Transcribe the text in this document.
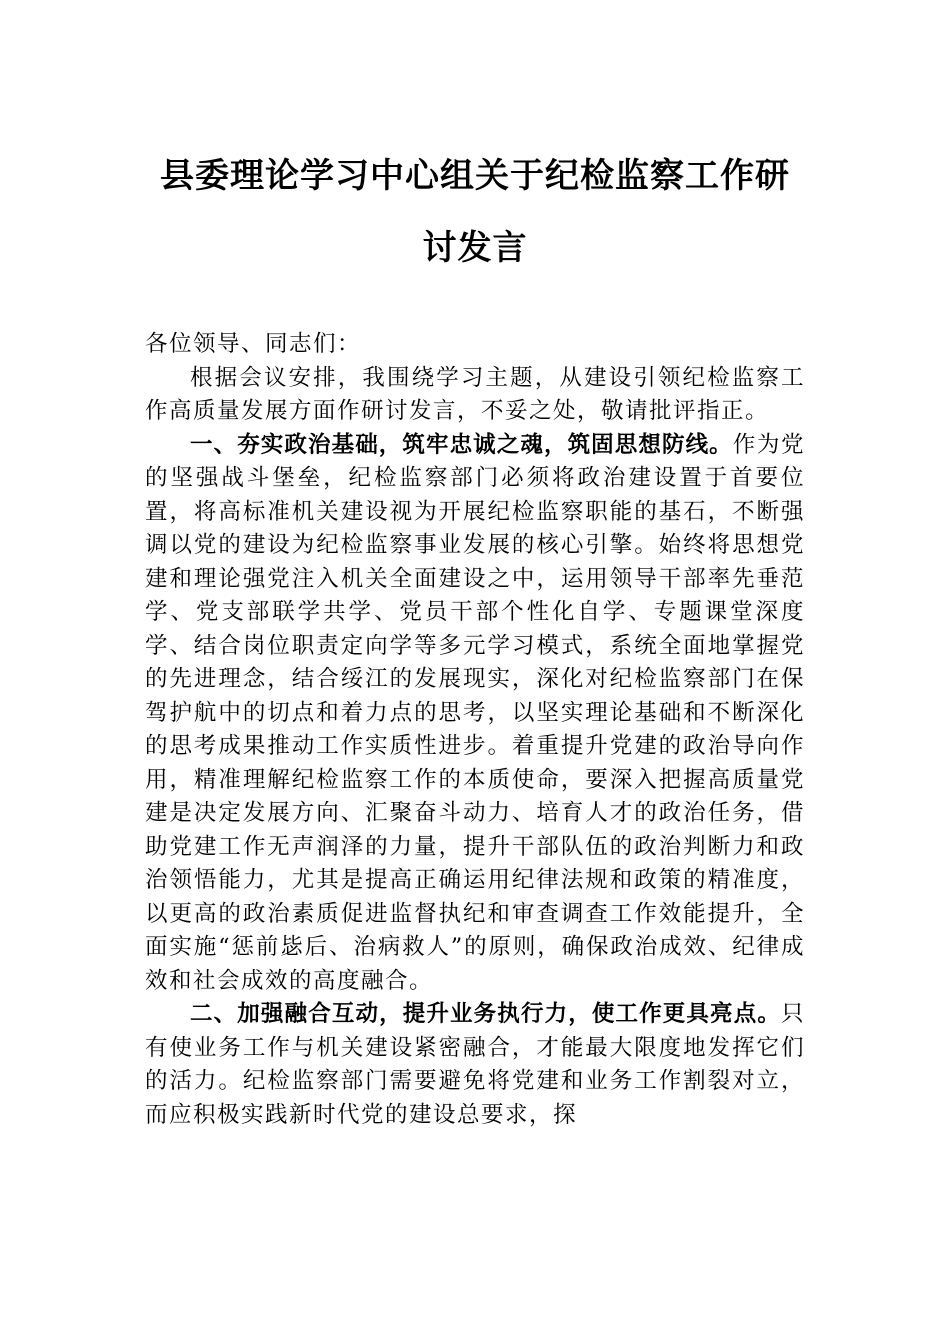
县委理论学习中心组关于纪检监察工作研讨发言
各位领导、同志们：

根据会议安排，我围绕学习主题，从建设引领纪检监察工作高质量发展方面作研讨发言，不妥之处，敬请批评指正。

一、夯实政治基础，筑牢忠诚之魂，筑固思想防线。作为党的坚强战斗堡垒，纪检监察部门必须将政治建设置于首要位置，将高标准机关建设视为开展纪检监察职能的基石，不断强调以党的建设为纪检监察事业发展的核心引擎。始终将思想党建和理论强党注入机关全面建设之中，运用领导干部率先垂范学、党支部联学共学、党员干部个性化自学、专题课堂深度学、结合岗位职责定向学等多元学习模式，系统全面地掌握党的先进理念，结合绥江的发展现实，深化对纪检监察部门在保驾护航中的切点和着力点的思考，以坚实理论基础和不断深化的思考成果推动工作实质性进步。着重提升党建的政治导向作用，精准理解纪检监察工作的本质使命，要深入把握高质量党建是决定发展方向、汇聚奋斗动力、培育人才的政治任务，借助党建工作无声润泽的力量，提升干部队伍的政治判断力和政治领悟能力，尤其是提高正确运用纪律法规和政策的精准度，以更高的政治素质促进监督执纪和审查调查工作效能提升，全面实施“惩前毖后、治病救人”的原则，确保政治成效、纪律成效和社会成效的高度融合。

二、加强融合互动，提升业务执行力，使工作更具亮点。只有使业务工作与机关建设紧密融合，才能最大限度地发挥它们的活力。纪检监察部门需要避免将党建和业务工作割裂对立，而应积极实践新时代党的建设总要求，探
